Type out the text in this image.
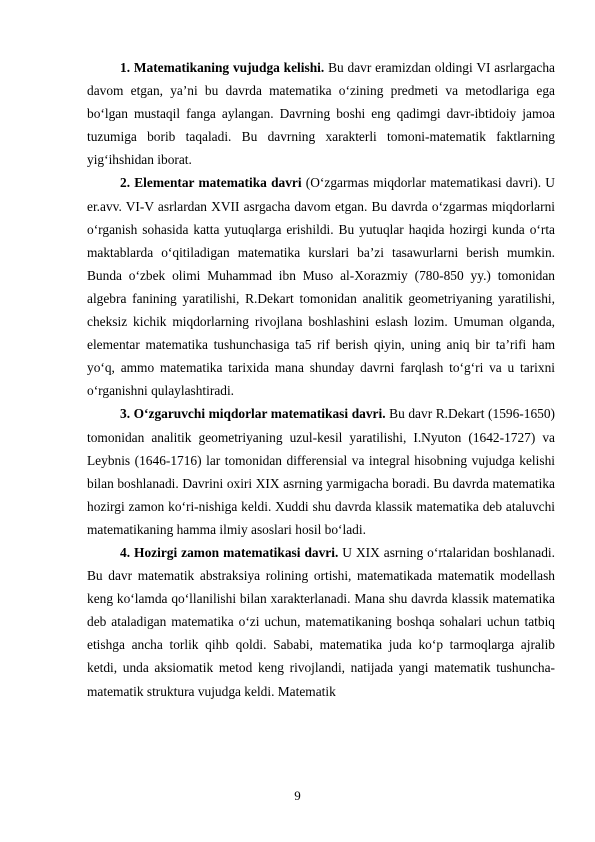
1. Matematikaning vujudga kelishi. Bu davr eramizdan oldingi VI asrlargacha davom etgan, ya’ni bu davrda matematika o‘zining predmeti va metodlariga ega bo‘lgan mustaqil fanga aylangan. Davrning boshi eng qadimgi davr-ibtidoiy jamoa tuzumiga borib taqaladi. Bu davrning xarakterli tomoni-matematik faktlarning yig‘ihshidan iborat.

2. Elementar matematika davri (O‘zgarmas miqdorlar matematikasi davri). U er.avv. VI-V asrlardan XVII asrgacha davom etgan. Bu davrda o‘zgarmas miqdorlarni o‘rganish sohasida katta yutuqlarga erishildi. Bu yutuqlar haqida hozirgi kunda o‘rta maktablarda o‘qitiladigan matematika kurslari ba’zi tasawurlarni berish mumkin. Bunda o‘zbek olimi Muhammad ibn Muso al-Xorazmiy (780-850 yy.) tomonidan algebra fanining yaratilishi, R.Dekart tomonidan analitik geometriyaning yaratilishi, cheksiz kichik miqdorlarning rivojlana boshlashini eslash lozim. Umuman olganda, elementar matematika tushunchasiga ta5 rif berish qiyin, uning aniq bir ta’rifi ham yo‘q, ammo matematika tarixida mana shunday davrni farqlash to‘g‘ri va u tarixni o‘rganishni qulaylashtiradi.

3. O‘zgaruvchi miqdorlar matematikasi davri. Bu davr R.Dekart (1596-1650) tomonidan analitik geometriyaning uzul-kesil yaratilishi, I.Nyuton (1642-1727) va Leybnis (1646-1716) lar tomonidan differensial va integral hisobning vujudga kelishi bilan boshlanadi. Davrini oxiri XIX asrning yarmigacha boradi. Bu davrda matematika hozirgi zamon ko‘ri-nishiga keldi. Xuddi shu davrda klassik matematika deb ataluvchi matematikaning hamma ilmiy asoslari hosil bo‘ladi.

4. Hozirgi zamon matematikasi davri. U XIX asrning o‘rtalaridan boshlanadi. Bu davr matematik abstraksiya rolining ortishi, matematikada matematik modellash keng ko‘lamda qo‘llanilishi bilan xarakterlanadi. Mana shu davrda klassik matematika deb ataladigan matematika o‘zi uchun, matematikaning boshqa sohalari uchun tatbiq etishga ancha torlik qihb qoldi. Sababi, matematika juda ko‘p tarmoqlarga ajralib ketdi, unda aksiomatik metod keng rivojlandi, natijada yangi matematik tushuncha-matematik struktura vujudga keldi. Matematik

9
